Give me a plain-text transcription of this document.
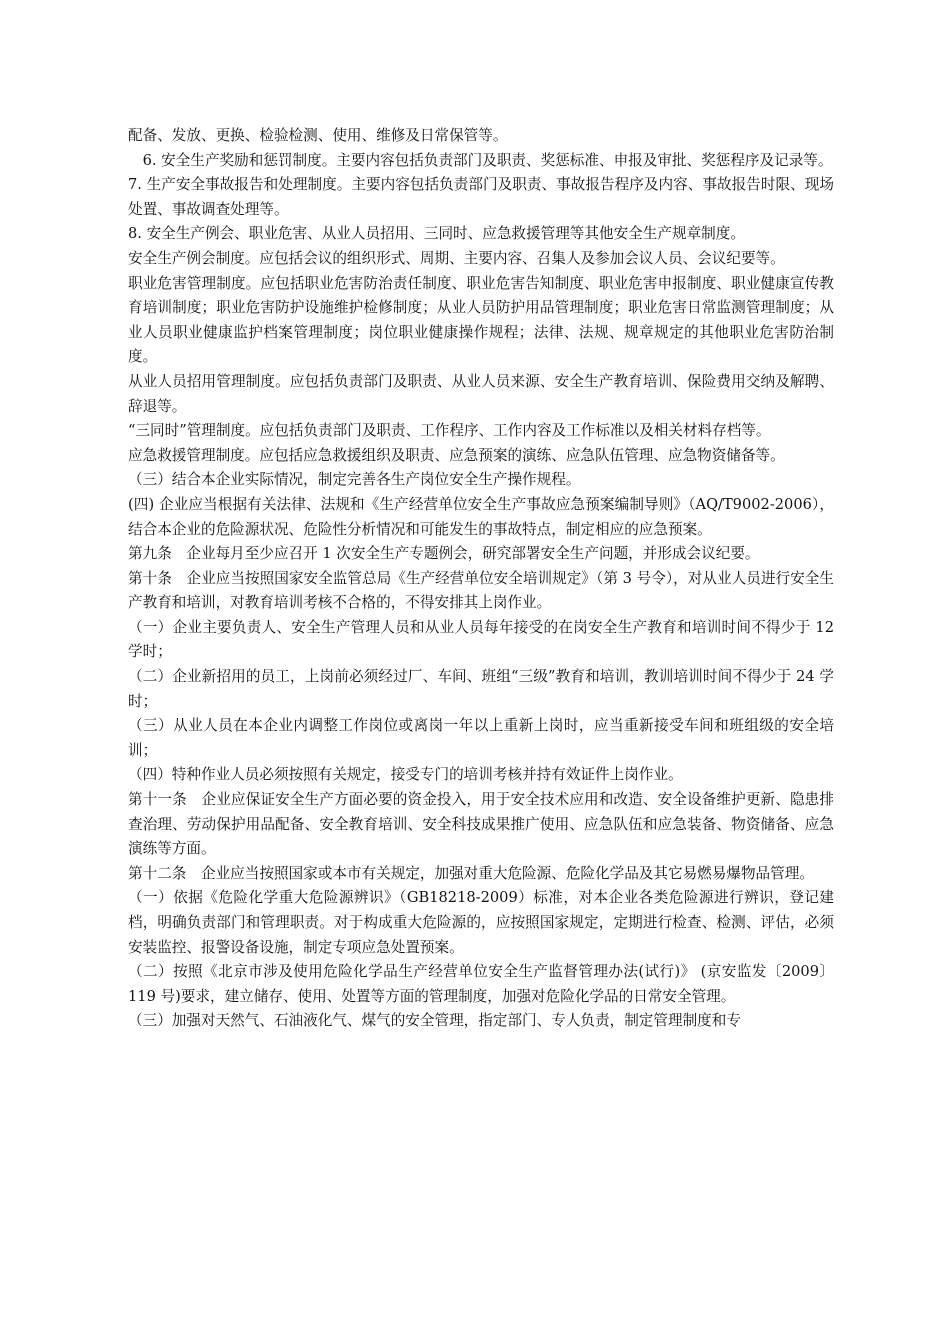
配备、发放、更换、检验检测、使用、维修及日常保管等。

6. 安全生产奖励和惩罚制度。主要内容包括负责部门及职责、奖惩标准、申报及审批、奖惩程序及记录等。

7. 生产安全事故报告和处理制度。主要内容包括负责部门及职责、事故报告程序及内容、事故报告时限、现场处置、事故调查处理等。

8. 安全生产例会、职业危害、从业人员招用、三同时、应急救援管理等其他安全生产规章制度。

安全生产例会制度。应包括会议的组织形式、周期、主要内容、召集人及参加会议人员、会议纪要等。

职业危害管理制度。应包括职业危害防治责任制度、职业危害告知制度、职业危害申报制度、职业健康宣传教育培训制度；职业危害防护设施维护检修制度；从业人员防护用品管理制度；职业危害日常监测管理制度；从业人员职业健康监护档案管理制度；岗位职业健康操作规程；法律、法规、规章规定的其他职业危害防治制度。

从业人员招用管理制度。应包括负责部门及职责、从业人员来源、安全生产教育培训、保险费用交纳及解聘、辞退等。

“三同时”管理制度。应包括负责部门及职责、工作程序、工作内容及工作标准以及相关材料存档等。

应急救援管理制度。应包括应急救援组织及职责、应急预案的演练、应急队伍管理、应急物资储备等。

（三）结合本企业实际情况，制定完善各生产岗位安全生产操作规程。

(四) 企业应当根据有关法律、法规和《生产经营单位安全生产事故应急预案编制导则》（AQ/T9002-2006），结合本企业的危险源状况、危险性分析情况和可能发生的事故特点，制定相应的应急预案。

第九条　企业每月至少应召开 1 次安全生产专题例会，研究部署安全生产问题，并形成会议纪要。

第十条　企业应当按照国家安全监管总局《生产经营单位安全培训规定》（第 3 号令），对从业人员进行安全生产教育和培训，对教育培训考核不合格的，不得安排其上岗作业。

（一）企业主要负责人、安全生产管理人员和从业人员每年接受的在岗安全生产教育和培训时间不得少于 12 学时；

（二）企业新招用的员工，上岗前必须经过厂、车间、班组“三级”教育和培训，教训培训时间不得少于 24 学时；

（三）从业人员在本企业内调整工作岗位或离岗一年以上重新上岗时，应当重新接受车间和班组级的安全培训；

（四）特种作业人员必须按照有关规定，接受专门的培训考核并持有效证件上岗作业。

第十一条　企业应保证安全生产方面必要的资金投入，用于安全技术应用和改造、安全设备维护更新、隐患排查治理、劳动保护用品配备、安全教育培训、安全科技成果推广使用、应急队伍和应急装备、物资储备、应急演练等方面。

第十二条　企业应当按照国家或本市有关规定，加强对重大危险源、危险化学品及其它易燃易爆物品管理。

（一）依据《危险化学重大危险源辨识》（GB18218-2009）标准，对本企业各类危险源进行辨识，登记建档，明确负责部门和管理职责。对于构成重大危险源的，应按照国家规定，定期进行检查、检测、评估，必须安装监控、报警设备设施，制定专项应急处置预案。

（二）按照《北京市涉及使用危险化学品生产经营单位安全生产监督管理办法(试行)》 (京安监发〔2009〕119 号)要求，建立储存、使用、处置等方面的管理制度，加强对危险化学品的日常安全管理。

（三）加强对天然气、石油液化气、煤气的安全管理，指定部门、专人负责，制定管理制度和专
